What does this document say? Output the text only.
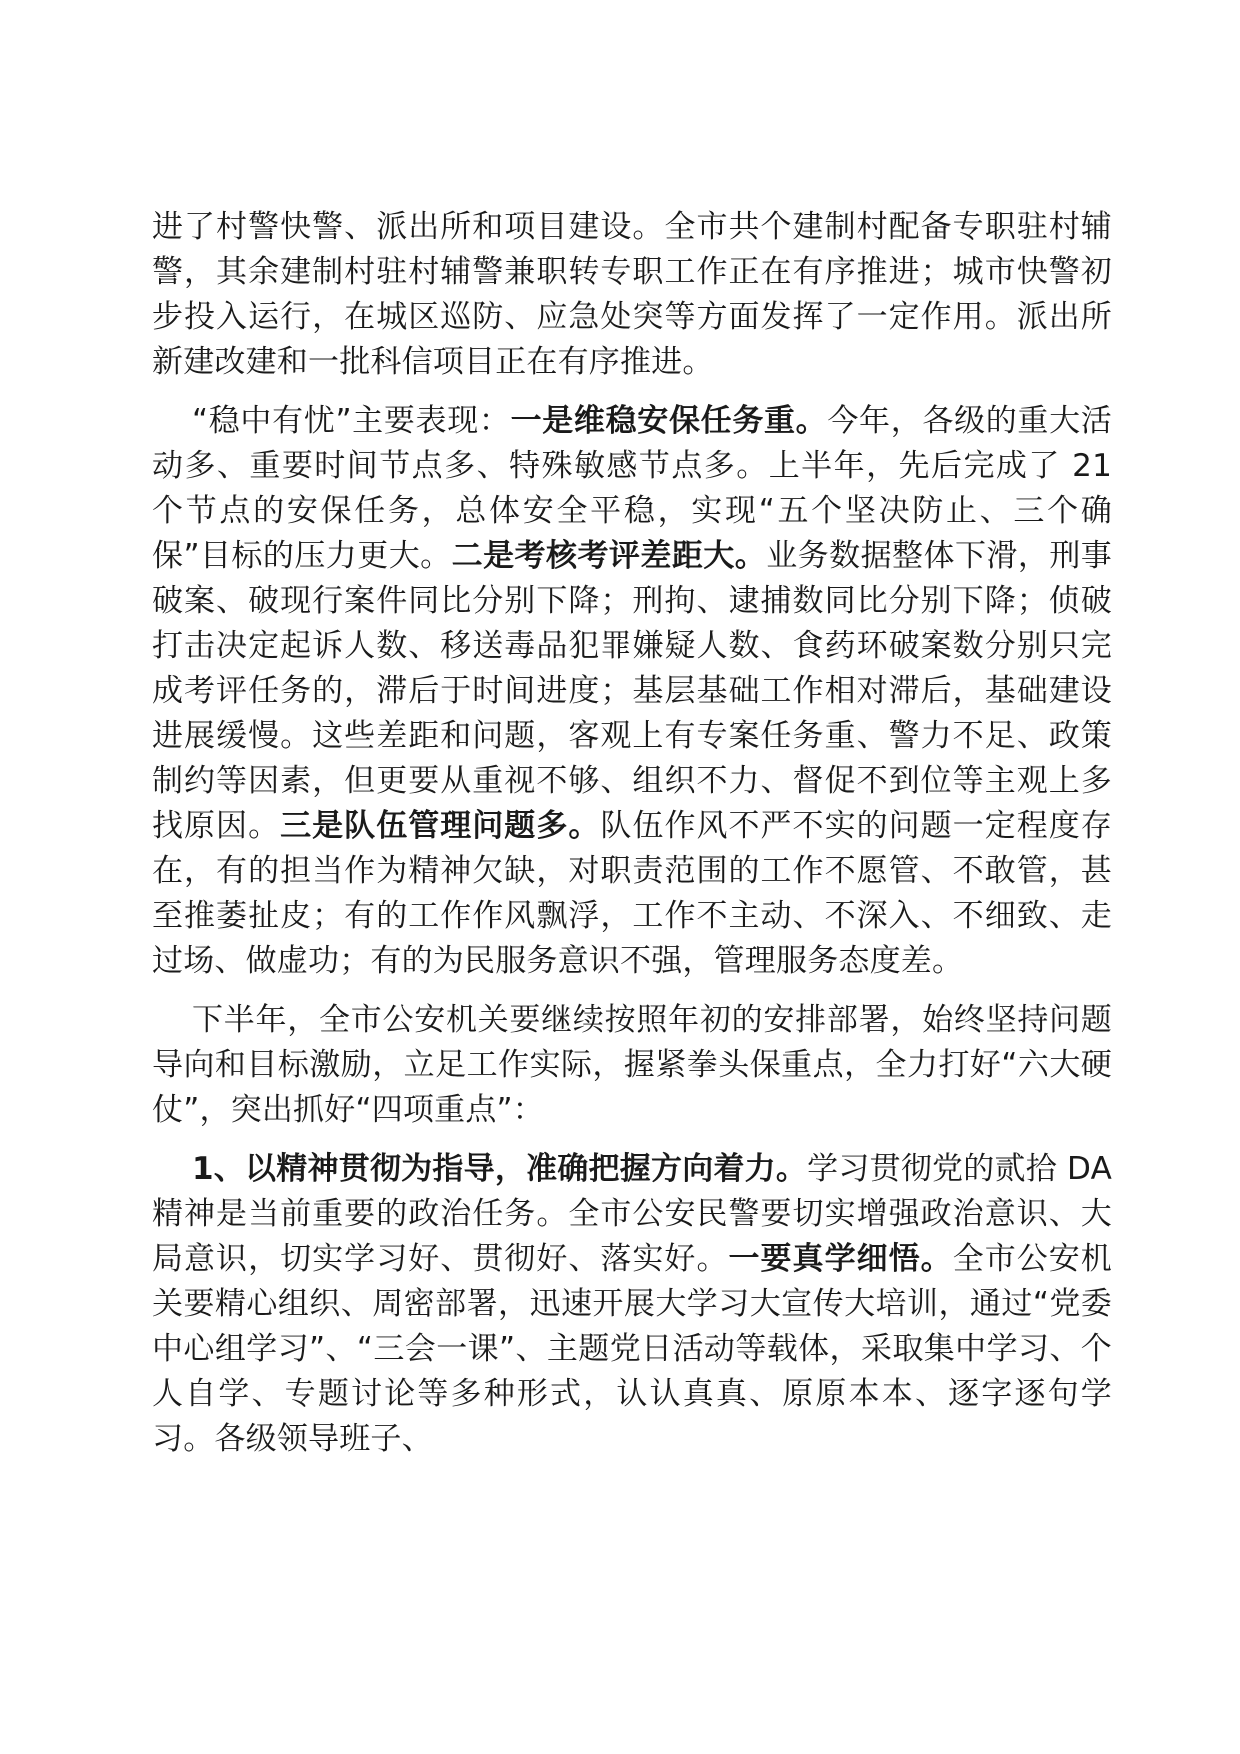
进了村警快警、派出所和项目建设。全市共个建制村配备专职驻村辅警，其余建制村驻村辅警兼职转专职工作正在有序推进；城市快警初步投入运行，在城区巡防、应急处突等方面发挥了一定作用。派出所新建改建和一批科信项目正在有序推进。

“稳中有忧”主要表现：一是维稳安保任务重。今年，各级的重大活动多、重要时间节点多、特殊敏感节点多。上半年，先后完成了 21 个节点的安保任务，总体安全平稳，实现“五个坚决防止、三个确保”目标的压力更大。二是考核考评差距大。业务数据整体下滑，刑事破案、破现行案件同比分别下降；刑拘、逮捕数同比分别下降；侦破打击决定起诉人数、移送毒品犯罪嫌疑人数、食药环破案数分别只完成考评任务的，滞后于时间进度；基层基础工作相对滞后，基础建设进展缓慢。这些差距和问题，客观上有专案任务重、警力不足、政策制约等因素，但更要从重视不够、组织不力、督促不到位等主观上多找原因。三是队伍管理问题多。队伍作风不严不实的问题一定程度存在，有的担当作为精神欠缺，对职责范围的工作不愿管、不敢管，甚至推萎扯皮；有的工作作风飘浮，工作不主动、不深入、不细致、走过场、做虚功；有的为民服务意识不强，管理服务态度差。

下半年，全市公安机关要继续按照年初的安排部署，始终坚持问题导向和目标激励，立足工作实际，握紧拳头保重点，全力打好“六大硬仗”，突出抓好“四项重点”：

1、以精神贯彻为指导，准确把握方向着力。学习贯彻党的贰拾 DA 精神是当前重要的政治任务。全市公安民警要切实增强政治意识、大局意识，切实学习好、贯彻好、落实好。一要真学细悟。全市公安机关要精心组织、周密部署，迅速开展大学习大宣传大培训，通过“党委中心组学习”、“三会一课”、主题党日活动等载体，采取集中学习、个人自学、专题讨论等多种形式，认认真真、原原本本、逐字逐句学习。各级领导班子、
